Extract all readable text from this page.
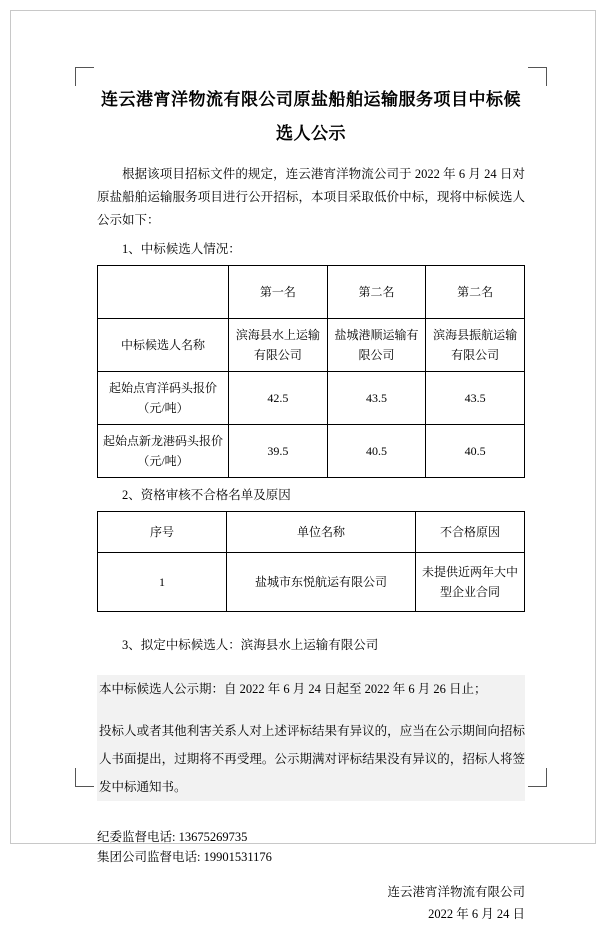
连云港宵洋物流有限公司原盐船舶运输服务项目中标候选人公示

根据该项目招标文件的规定，连云港宵洋物流公司于 2022 年 6 月 24 日对原盐船舶运输服务项目进行公开招标，本项目采取低价中标，现将中标候选人公示如下：

1、中标候选人情况：
	第一名	第二名	第二名
中标候选人名称	滨海县水上运输有限公司	盐城港顺运输有限公司	滨海县振航运输有限公司
起始点宵洋码头报价（元/吨）	42.5	43.5	43.5
起始点新龙港码头报价（元/吨）	39.5	40.5	40.5
2、资格审核不合格名单及原因
序号	单位名称	不合格原因
1	盐城市东悦航运有限公司	未提供近两年大中型企业合同
3、拟定中标候选人：滨海县水上运输有限公司
本中标候选人公示期：自 2022 年 6 月 24 日起至 2022 年 6 月 26 日止；
投标人或者其他利害关系人对上述评标结果有异议的，应当在公示期间向招标人书面提出，过期将不再受理。公示期满对评标结果没有异议的，招标人将签发中标通知书。
纪委监督电话: 13675269735
集团公司监督电话: 19901531176
连云港宵洋物流有限公司
2022 年 6 月 24 日
